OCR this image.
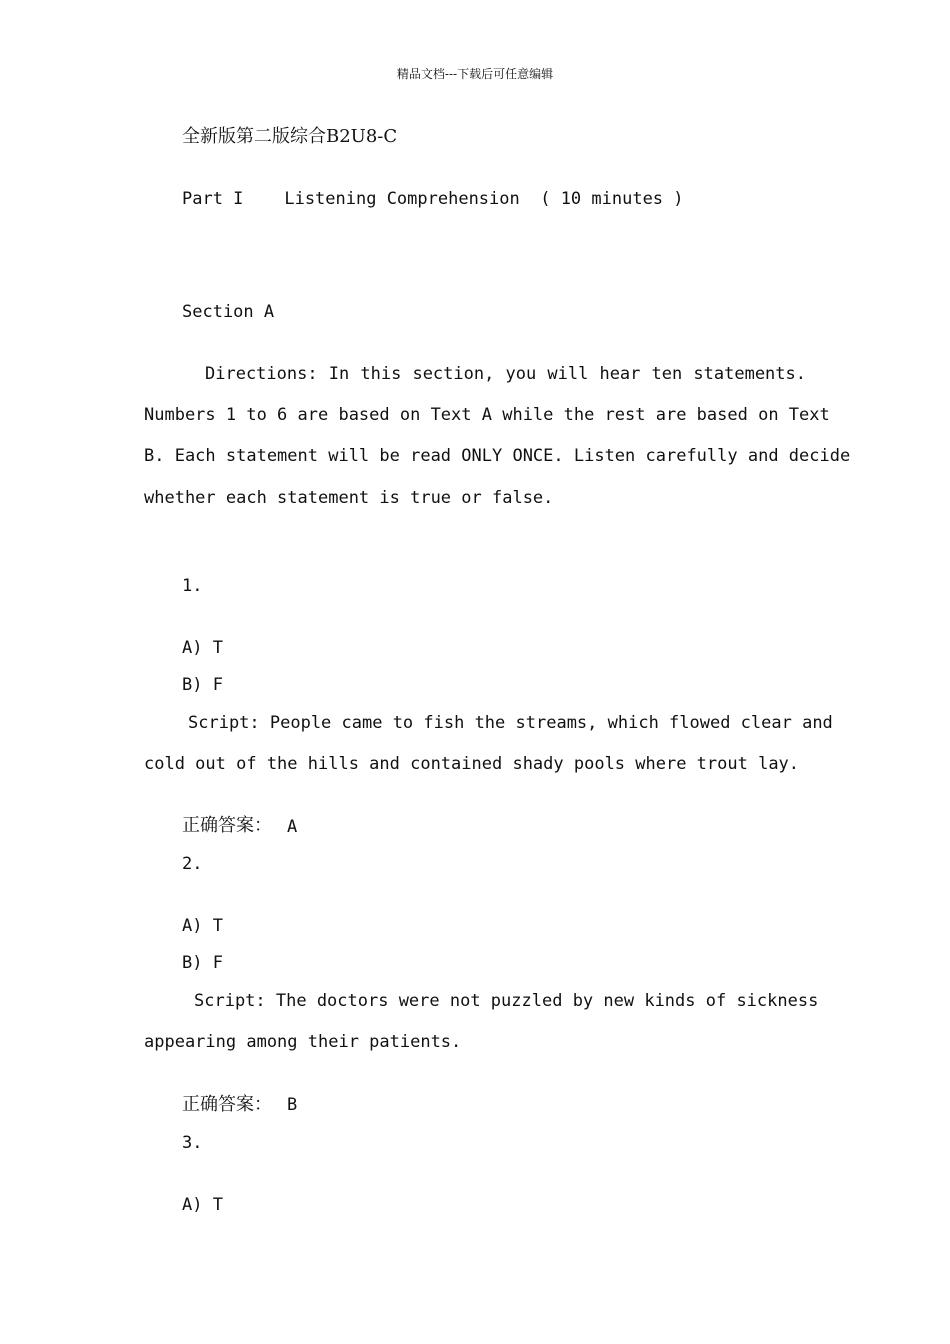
精品文档---下载后可任意编辑
全新版第二版综合B2U8-C
Part I    Listening Comprehension  ( 10 minutes )
Section A
Directions: In this section, you will hear ten statements.
Numbers 1 to 6 are based on Text A while the rest are based on Text
B. Each statement will be read ONLY ONCE. Listen carefully and decide
whether each statement is true or false.
1.
A) T
B) F
Script: People came to fish the streams, which flowed clear and
cold out of the hills and contained shady pools where trout lay.
正确答案： A
2.
A) T
B) F
Script: The doctors were not puzzled by new kinds of sickness
appearing among their patients.
正确答案： B
3.
A) T
